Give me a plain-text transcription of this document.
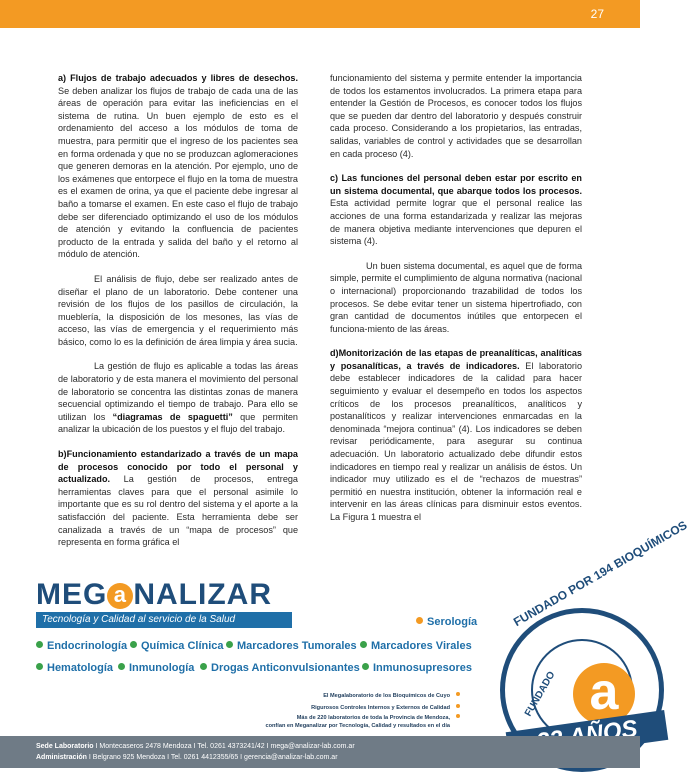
27

a) Flujos de trabajo adecuados y libres de desechos. Se deben analizar los flujos de trabajo de cada una de las áreas de operación para evitar las ineficiencias en el sistema de rutina. Un buen ejemplo de esto es el ordenamiento del acceso a los módulos de toma de muestra, para permitir que el ingreso de los pacientes sea en forma ordenada y que no se produzcan aglomeraciones que generen demoras en la atención. Por ejemplo, uno de los exámenes que entorpece el flujo en la toma de muestra es el examen de orina, ya que el paciente debe ingresar al baño a tomarse el examen. En este caso el flujo de trabajo debe ser diferenciado optimizando el uso de los módulos de atención y evitando la confluencia de pacientes producto de la entrada y salida del baño y el retorno al módulo de atención.

El análisis de flujo, debe ser realizado antes de diseñar el plano de un laboratorio. Debe contener una revisión de los flujos de los pasillos de circulación, la mueblería, la disposición de los mesones, las vías de acceso, las vías de emergencia y el requerimiento más básico, como lo es la definición de área limpia y área sucia.

La gestión de flujo es aplicable a todas las áreas de laboratorio y de esta manera el movimiento del personal de laboratorio se concentra las distintas zonas de manera secuencial optimizando el tiempo de trabajo. Para ello se utilizan los “diagramas de spaguetti” que permiten analizar la ubicación de los puestos y el flujo del trabajo.

b)Funcionamiento estandarizado a través de un mapa de procesos conocido por todo el personal y actualizado. La gestión de procesos, entrega herramientas claves para que el personal asimile lo importante que es su rol dentro del sistema y el aporte a la satisfacción del paciente. Esta herramienta debe ser canalizada a través de un “mapa de procesos” que representa en forma gráfica el

funcionamiento del sistema y permite entender la importancia de todos los estamentos involucrados. La primera etapa para entender la Gestión de Procesos, es conocer todos los flujos que se pueden dar dentro del laboratorio y después construir cada proceso. Considerando a los propietarios, las entradas, salidas, variables de control y actividades que se desarrollan en cada proceso (4).

c) Las funciones del personal deben estar por escrito en un sistema documental, que abarque todos los procesos. Esta actividad permite lograr que el personal realice las acciones de una forma estandarizada y realizar las mejoras de manera objetiva mediante intervenciones que depuren el sistema (4).

Un buen sistema documental, es aquel que de forma simple, permite el cumplimiento de alguna normativa (nacional o internacional) proporcionando trazabilidad de todos los procesos. Se debe evitar tener un sistema hipertrofiado, con gran cantidad de documentos inútiles que entorpecen el funciona-miento de las áreas.

d)Monitorización de las etapas de preanalíticas, analíticas y posanalíticas, a través de indicadores. El laboratorio debe establecer indicadores de la calidad para hacer seguimiento y evaluar el desempeño en todos los aspectos críticos de los procesos preanalíticos, analíticos y postanalíticos y realizar intervenciones enmarcadas en la denominada “mejora continua” (4). Los indicadores se deben revisar periódicamente, para asegurar su continua adecuación. Un laboratorio actualizado debe difundir estos indicadores en tiempo real y realizar un análisis de éstos. Un indicador muy utilizado es el de “rechazos de muestras” permitió en nuestra institución, obtener la información real e intervenir en las áreas clínicas para disminuir estos eventos. La Figura 1 muestra el

MEG a NALIZAR
Tecnología y Calidad al servicio de la Salud	Serología
Endocrinología	Química Clínica	Marcadores Tumorales	Marcadores Virales
Hematología	Inmunología	Drogas Anticonvulsionantes	Inmunosupresores
El Megalaboratorio de los Bioquímicos de Cuyo
Rigurosos Controles Internos y Externos de Calidad
Más de 220 laboratorios de toda la Provincia de Mendoza,
confían en Meganalizar por Tecnología, Calidad y resultados en el día
FUNDADO POR 194 BIOQUÍMICOS
a
FUNDADO
Sede Laboratorio I Montecaseros 2478 Mendoza I Tel. 0261 4373241/42 I mega@analizar-lab.com.ar
Administración I Belgrano 925 Mendoza I Tel. 0261 4412355/65 I gerencia@analizar-lab.com.ar
